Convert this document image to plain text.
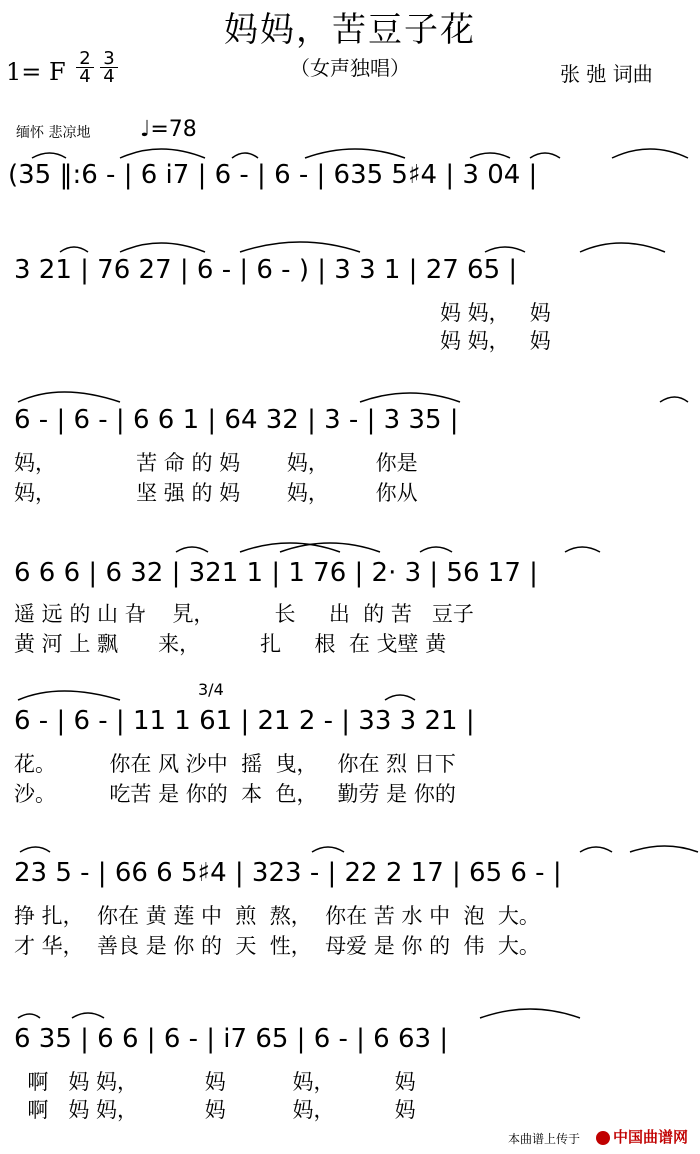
妈妈，苦豆子花
（女声独唱）
1= F 2
4
3
4	张 弛 词曲
缅怀 悲凉地 ♩=78
(35 ‖:6 - | 6 i7 | 6 - | 6 - | 635 5♯4 | 3 04 |
3 21 | 76 27 | 6 - | 6 - ) | 3 3 1 | 27 65 |
妈 妈，   妈
妈 妈，   妈
6 - | 6 - | 6 6 1 | 64 32 | 3 - | 3 35 |
妈，            苦 命 的 妈       妈，       你是
妈，            坚 强 的 妈       妈，       你从
6 6 6 | 6 32 | 321 1 | 1 76 | 2· 3 | 56 17 |
遥 远 的 山 旮    旯，         长     出  的 苦   豆子
黄 河 上 飘      来，         扎     根  在 戈壁 黄
3/4
6 - | 6 - | 11 1 61 | 21 2 - | 33 3 21 |
花。        你在 风 沙中  摇  曳，   你在 烈 日下
沙。        吃苦 是 你的  本  色，   勤劳 是 你的
23 5 - | 66 6 5♯4 | 323 - | 22 2 17 | 65 6 - |
挣 扎，  你在 黄 莲 中  煎  熬，  你在 苦 水 中  泡  大。
才 华，  善良 是 你 的  天  性，  母爱 是 你 的  伟  大。
6 35 | 6 6 | 6 - | i7 65 | 6 - | 6 63 |
啊   妈 妈，          妈          妈，         妈
啊   妈 妈，          妈          妈，         妈
本曲谱上传于	中国曲谱网
